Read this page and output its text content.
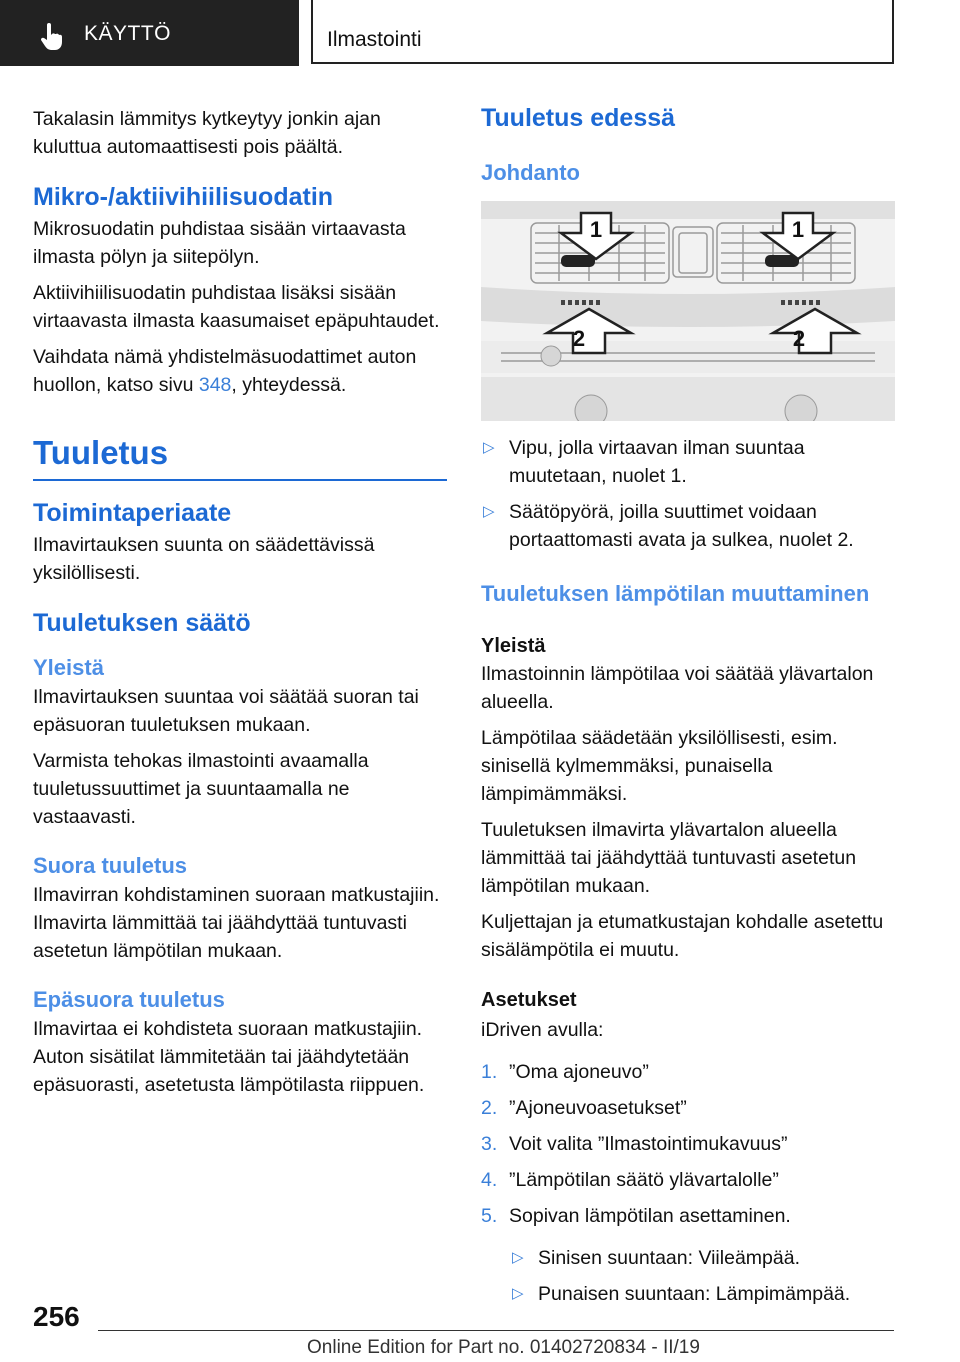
KÄYTTÖ	Ilmastointi

Takalasin lämmitys kytkeytyy jonkin ajan kuluttua automaattisesti pois päältä.

Mikro-/aktiivihiilisuodatin

Mikrosuodatin puhdistaa sisään virtaavasta ilmasta pölyn ja siitepölyn.

Aktiivihiilisuodatin puhdistaa lisäksi sisään virtaavasta ilmasta kaasumaiset epäpuhtaudet.

Vaihdata nämä yhdistelmäsuodattimet auton huollon, katso sivu 348, yhteydessä.

Tuuletus
Toimintaperiaate

Ilmavirtauksen suunta on säädettävissä yksilöllisesti.

Tuuletuksen säätö
Yleistä

Ilmavirtauksen suuntaa voi säätää suoran tai epäsuoran tuuletuksen mukaan.

Varmista tehokas ilmastointi avaamalla tuuletussuuttimet ja suuntaamalla ne vastaavasti.

Suora tuuletus

Ilmavirran kohdistaminen suoraan matkustajiin. Ilmavirta lämmittää tai jäähdyttää tuntuvasti asetetun lämpötilan mukaan.

Epäsuora tuuletus

Ilmavirtaa ei kohdisteta suoraan matkustajiin. Auton sisätilat lämmitetään tai jäähdytetään epäsuorasti, asetetusta lämpötilasta riippuen.

Tuuletus edessä
Johdanto
1	1
2	2
▷ Vipu, jolla virtaavan ilman suuntaa muutetaan, nuolet 1.
▷ Säätöpyörä, joilla suuttimet voidaan portaattomasti avata ja sulkea, nuolet 2.
Tuuletuksen lämpötilan muuttaminen
Yleistä

Ilmastoinnin lämpötilaa voi säätää ylävartalon alueella.

Lämpötilaa säädetään yksilöllisesti, esim. sinisellä kylmemmäksi, punaisella lämpimämmäksi.

Tuuletuksen ilmavirta ylävartalon alueella lämmittää tai jäähdyttää tuntuvasti asetetun lämpötilan mukaan.

Kuljettajan ja etumatkustajan kohdalle asetettu sisälämpötila ei muutu.

Asetukset

iDriven avulla:

1. ”Oma ajoneuvo”
2. ”Ajoneuvoasetukset”
3. Voit valita ”Ilmastointimukavuus”
4. ”Lämpötilan säätö ylävartalolle”
5. Sopivan lämpötilan asettaminen.
▷ Sinisen suuntaan: Viileämpää.
▷ Punaisen suuntaan: Lämpimämpää.
256
Online Edition for Part no. 01402720834 - II/19
